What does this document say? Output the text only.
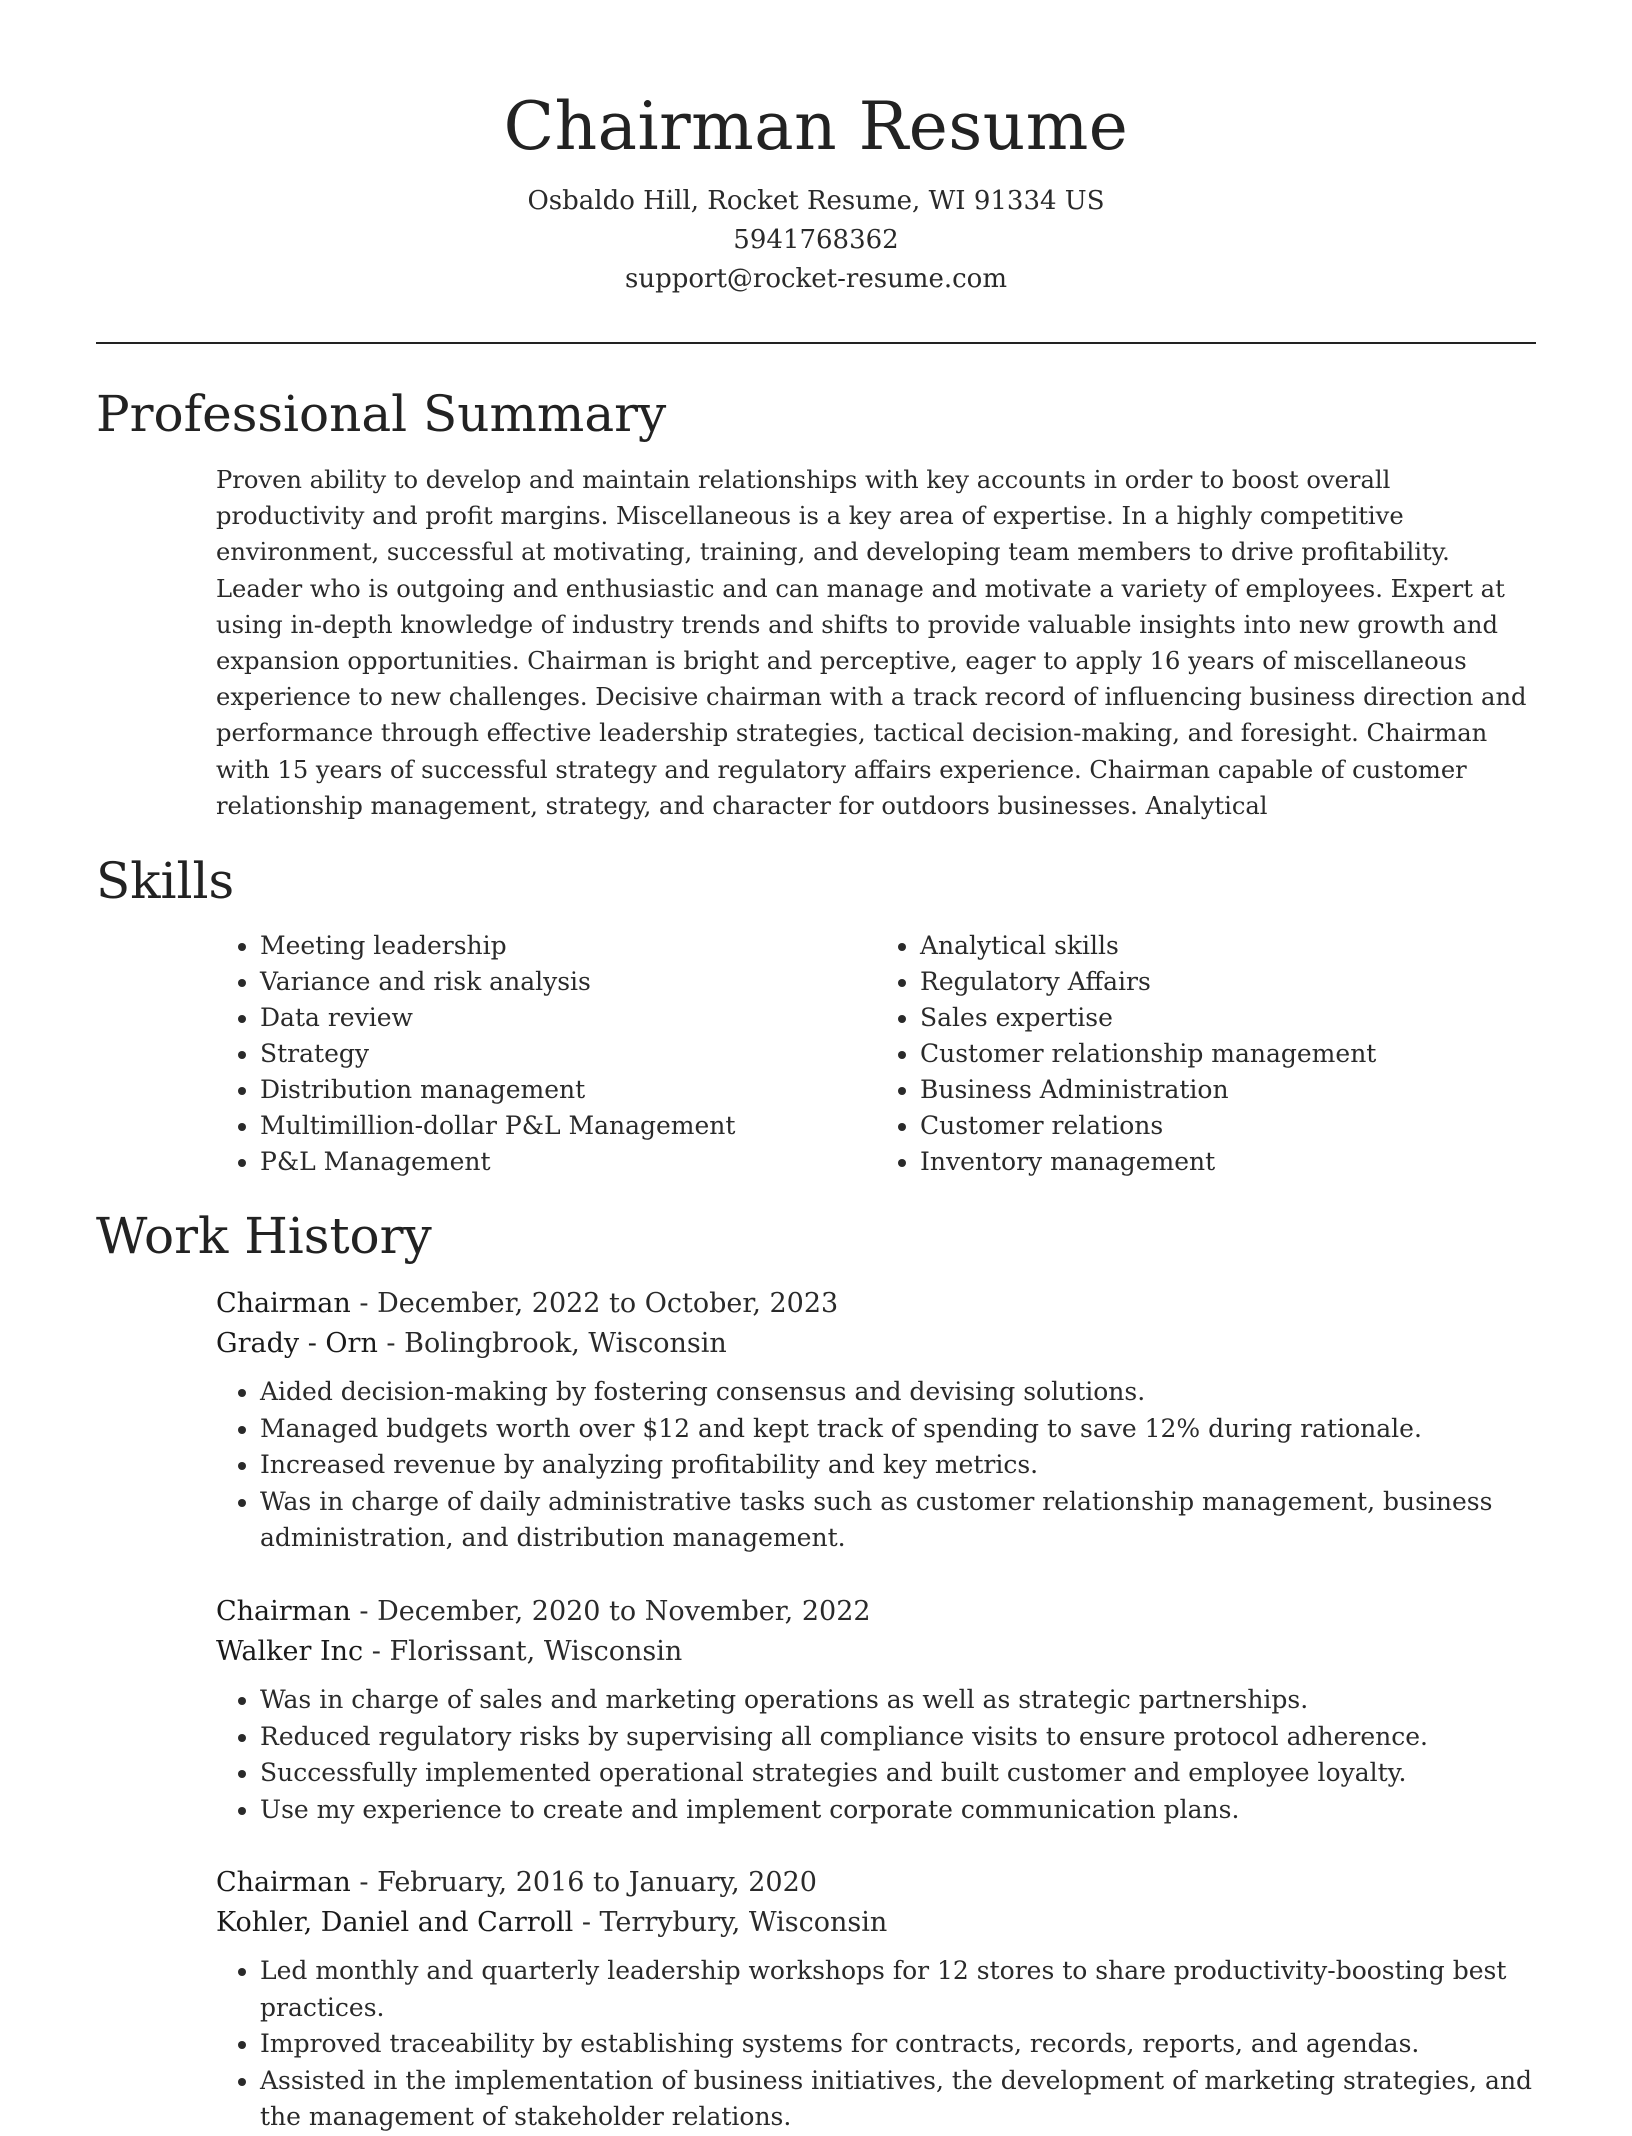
Chairman Resume
Osbaldo Hill, Rocket Resume, WI 91334 US
5941768362
support@rocket-resume.com
Professional Summary

Proven ability to develop and maintain relationships with key accounts in order to boost overall productivity and profit margins. Miscellaneous is a key area of expertise. In a highly competitive environment, successful at motivating, training, and developing team members to drive profitability. Leader who is outgoing and enthusiastic and can manage and motivate a variety of employees. Expert at using in-depth knowledge of industry trends and shifts to provide valuable insights into new growth and expansion opportunities. Chairman is bright and perceptive, eager to apply 16 years of miscellaneous experience to new challenges. Decisive chairman with a track record of influencing business direction and performance through effective leadership strategies, tactical decision-making, and foresight. Chairman with 15 years of successful strategy and regulatory affairs experience. Chairman capable of customer relationship management, strategy, and character for outdoors businesses. Analytical

Skills
• Meeting leadership
• Variance and risk analysis
• Data review
• Strategy
• Distribution management
• Multimillion-dollar P&L Management
• P&L Management
• Analytical skills
• Regulatory Affairs
• Sales expertise
• Customer relationship management
• Business Administration
• Customer relations
• Inventory management
Work History
Chairman - December, 2022 to October, 2023
Grady - Orn - Bolingbrook, Wisconsin
• Aided decision-making by fostering consensus and devising solutions.
• Managed budgets worth over $12 and kept track of spending to save 12% during rationale.
• Increased revenue by analyzing profitability and key metrics.
• Was in charge of daily administrative tasks such as customer relationship management, business administration, and distribution management.
Chairman - December, 2020 to November, 2022
Walker Inc - Florissant, Wisconsin
• Was in charge of sales and marketing operations as well as strategic partnerships.
• Reduced regulatory risks by supervising all compliance visits to ensure protocol adherence.
• Successfully implemented operational strategies and built customer and employee loyalty.
• Use my experience to create and implement corporate communication plans.
Chairman - February, 2016 to January, 2020
Kohler, Daniel and Carroll - Terrybury, Wisconsin
• Led monthly and quarterly leadership workshops for 12 stores to share productivity-boosting best practices.
• Improved traceability by establishing systems for contracts, records, reports, and agendas.
• Assisted in the implementation of business initiatives, the development of marketing strategies, and the management of stakeholder relations.
